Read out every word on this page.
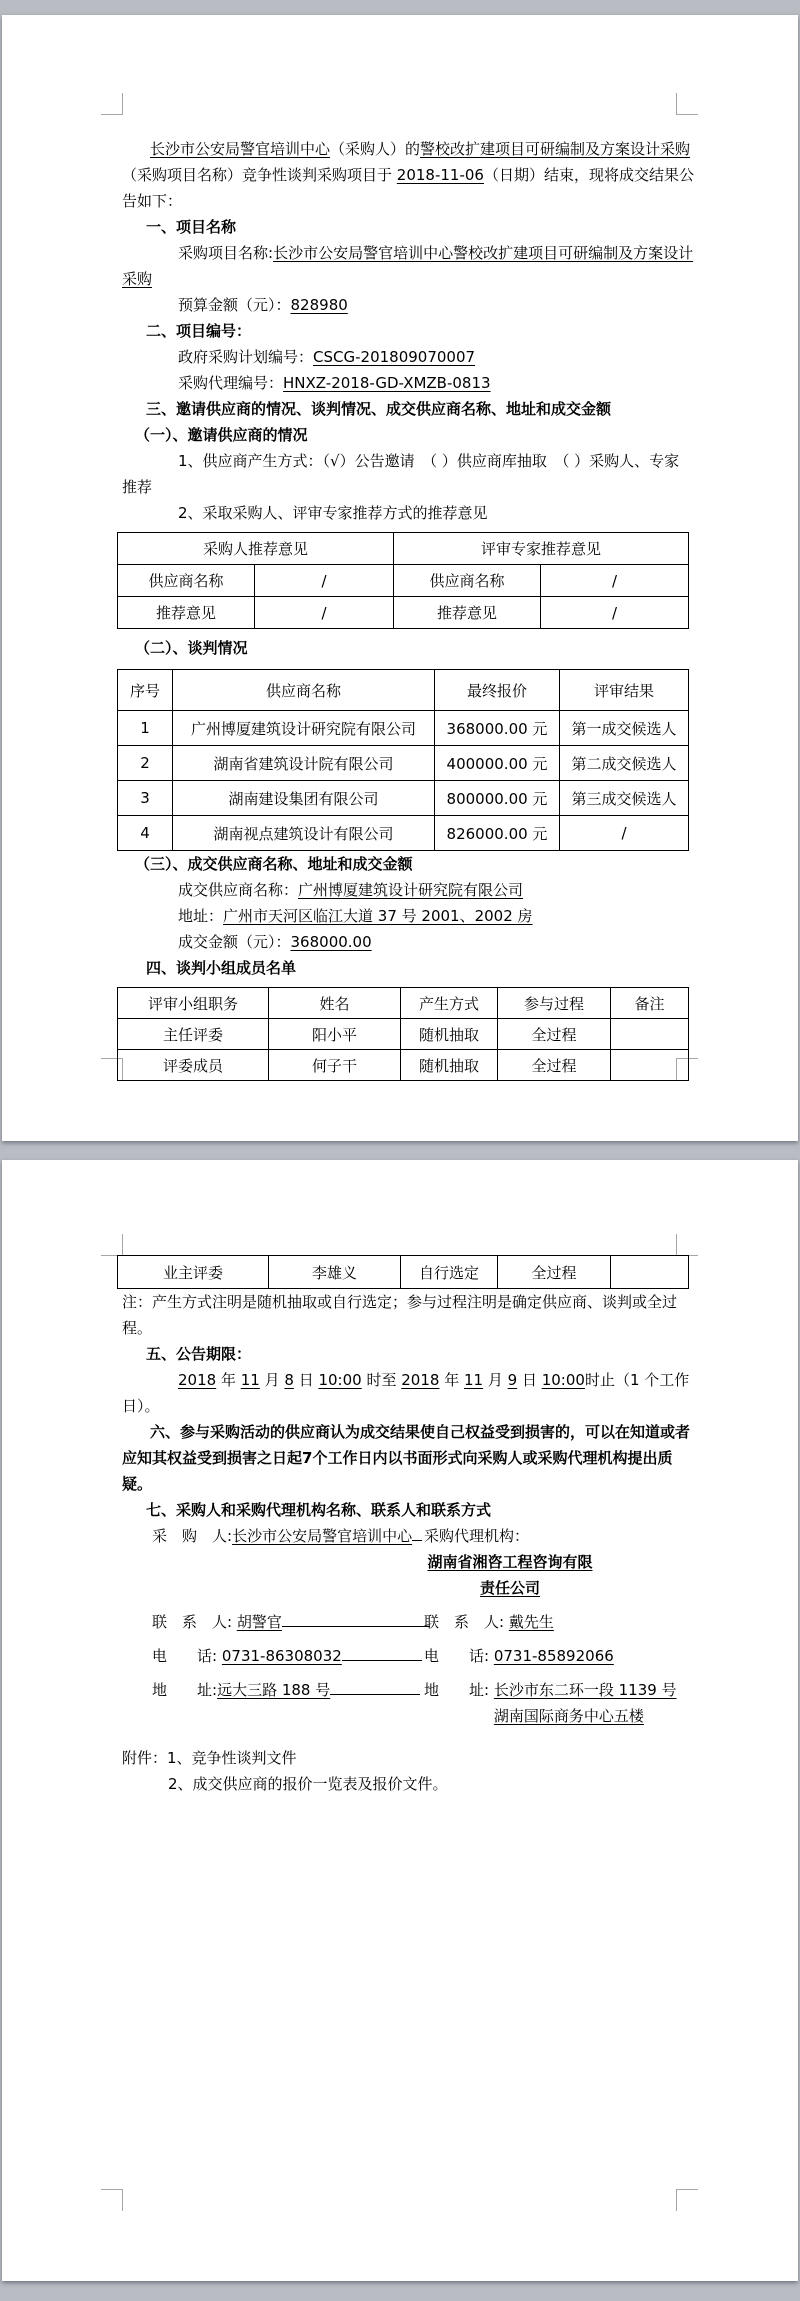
长沙市公安局警官培训中心（采购人）的警校改扩建项目可研编制及方案设计采购（采购项目名称）竞争性谈判采购项目于 2018-11-06（日期）结束，现将成交结果公告如下：

一、项目名称
采购项目名称:长沙市公安局警官培训中心警校改扩建项目可研编制及方案设计采购
预算金额（元）：828980
二、项目编号：
政府采购计划编号：CSCG-201809070007
采购代理编号：HNXZ-2018-GD-XMZB-0813
三、邀请供应商的情况、谈判情况、成交供应商名称、地址和成交金额
（一）、邀请供应商的情况
1、供应商产生方式：（√）公告邀请　（ ）供应商库抽取　（ ）采购人、专家推荐
2、采取采购人、评审专家推荐方式的推荐意见
采购人推荐意见		评审专家推荐意见	
供应商名称	/	供应商名称	/
推荐意见	/	推荐意见	/
（二）、谈判情况
序号	供应商名称	最终报价	评审结果
1	广州博厦建筑设计研究院有限公司	368000.00 元	第一成交候选人
2	湖南省建筑设计院有限公司	400000.00 元	第二成交候选人
3	湖南建设集团有限公司	800000.00 元	第三成交候选人
4	湖南视点建筑设计有限公司	826000.00 元	/
（三）、成交供应商名称、地址和成交金额
成交供应商名称：广州博厦建筑设计研究院有限公司
地址：广州市天河区临江大道 37 号 2001、2002 房
成交金额（元）：368000.00
四、谈判小组成员名单
评审小组职务	姓名	产生方式	参与过程	备注
主任评委	阳小平	随机抽取	全过程	
评委成员	何子干	随机抽取	全过程	
业主评委	李雄义	自行选定	全过程	
注：产生方式注明是随机抽取或自行选定；参与过程注明是确定供应商、谈判或全过程。
五、公告期限：
2018 年 11 月 8 日 10:00 时至 2018 年 11 月 9 日 10:00时止（1 个工作日）。
六、参与采购活动的供应商认为成交结果使自己权益受到损害的，可以在知道或者应知其权益受到损害之日起7个工作日内以书面形式向采购人或采购代理机构提出质疑。
七、采购人和采购代理机构名称、联系人和联系方式
　　采　购　人:长沙市公安局警官培训中心 采购代理机构：湖南省湘咨工程咨询有限责任公司
　　联　系　人: 胡警官	联　系　人: 戴先生
　　电　　话: 0731-86308032	电　　话: 0731-85892066
　　地　　址:远大三路 188 号	地　　址: 长沙市东二环一段 1139 号湖南国际商务中心五楼
附件：1、竞争性谈判文件
2、成交供应商的报价一览表及报价文件。
